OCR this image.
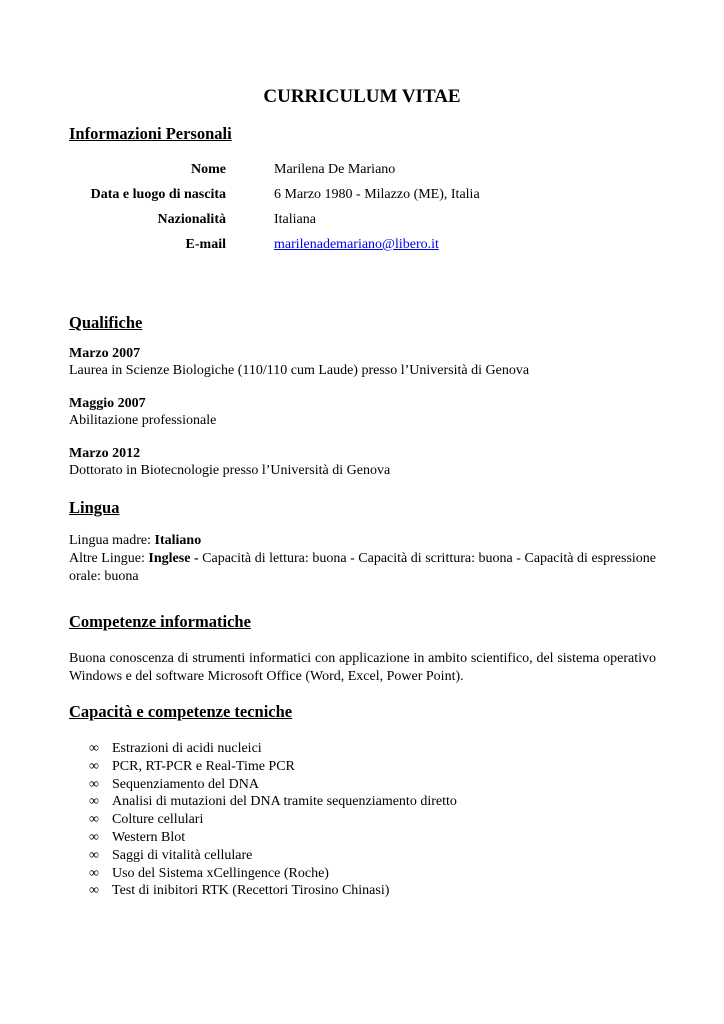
CURRICULUM VITAE
Informazioni Personali
Nome	Marilena De Mariano
Data e luogo di nascita	6 Marzo 1980 - Milazzo (ME), Italia
Nazionalità	Italiana
E-mail	marilenademariano@libero.it
Qualifiche
Marzo 2007
Laurea in Scienze Biologiche (110/110 cum Laude) presso l’Università di Genova
Maggio 2007
Abilitazione professionale
Marzo 2012
Dottorato in Biotecnologie presso l’Università di Genova
Lingua

Lingua madre: Italiano

Altre Lingue: Inglese - Capacità di lettura: buona - Capacità di scrittura: buona - Capacità di espressione orale: buona

Competenze informatiche

Buona conoscenza di strumenti informatici con applicazione in ambito scientifico, del sistema operativo Windows e del software Microsoft Office (Word, Excel, Power Point).

Capacità e competenze tecniche
∞ Estrazioni di acidi nucleici
∞ PCR, RT-PCR e Real-Time PCR
∞ Sequenziamento del DNA
∞ Analisi di mutazioni del DNA tramite sequenziamento diretto
∞ Colture cellulari
∞ Western Blot
∞ Saggi di vitalità cellulare
∞ Uso del Sistema xCellingence (Roche)
∞ Test di inibitori RTK (Recettori Tirosino Chinasi)
